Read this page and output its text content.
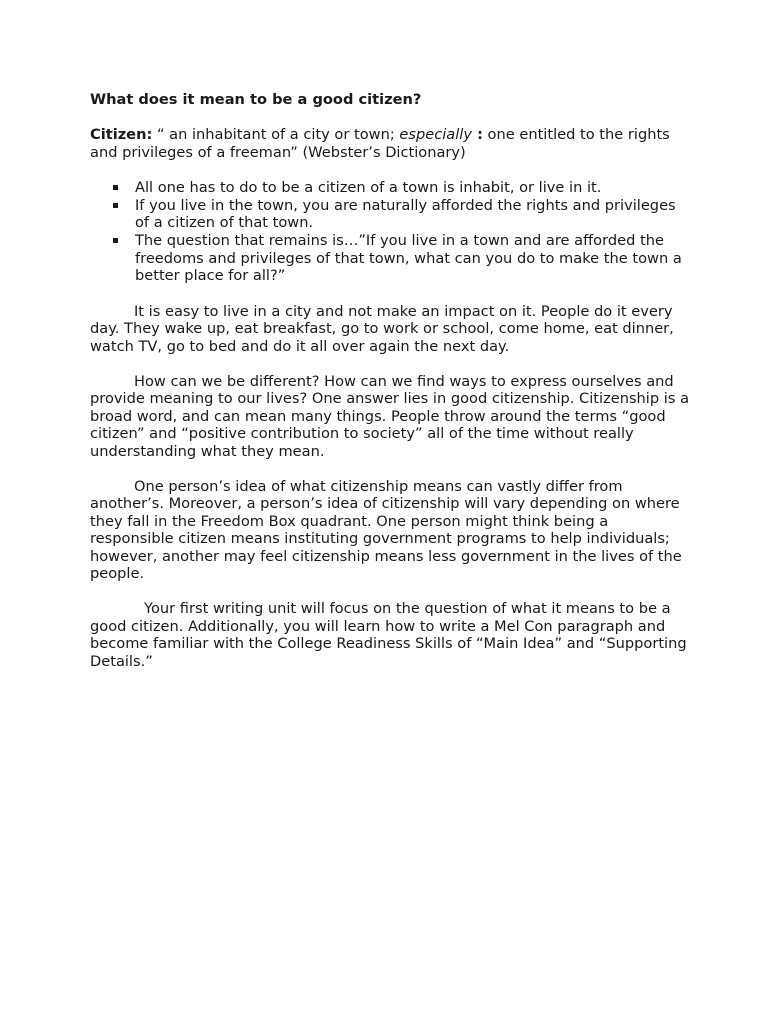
What does it mean to be a good citizen?

Citizen: “ an inhabitant of a city or town; especially : one entitled to the rights and privileges of a freeman” (Webster’s Dictionary)

All one has to do to be a citizen of a town is inhabit, or live in it.
If you live in the town, you are naturally afforded the rights and privileges of a citizen of that town.
The question that remains is…”If you live in a town and are afforded the freedoms and privileges of that town, what can you do to make the town a better place for all?”

It is easy to live in a city and not make an impact on it. People do it every day. They wake up, eat breakfast, go to work or school, come home, eat dinner, watch TV, go to bed and do it all over again the next day.

How can we be different? How can we find ways to express ourselves and provide meaning to our lives? One answer lies in good citizenship. Citizenship is a broad word, and can mean many things. People throw around the terms “good citizen” and “positive contribution to society” all of the time without really understanding what they mean.

One person’s idea of what citizenship means can vastly differ from another’s. Moreover, a person’s idea of citizenship will vary depending on where they fall in the Freedom Box quadrant. One person might think being a responsible citizen means instituting government programs to help individuals; however, another may feel citizenship means less government in the lives of the people.

Your first writing unit will focus on the question of what it means to be a good citizen. Additionally, you will learn how to write a Mel Con paragraph and become familiar with the College Readiness Skills of “Main Idea” and “Supporting Details.”
